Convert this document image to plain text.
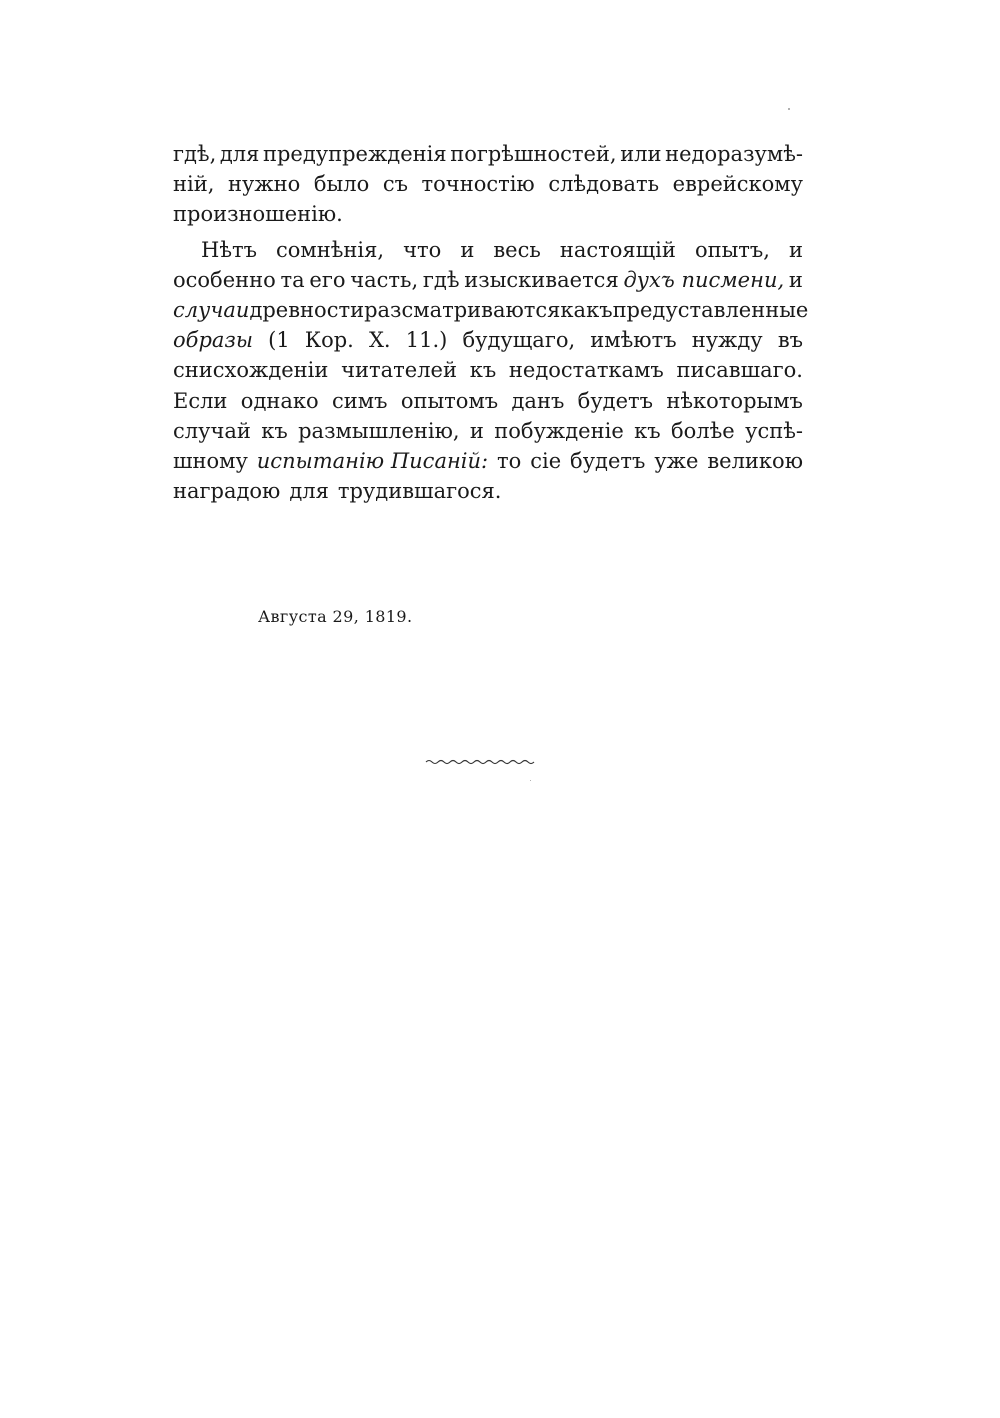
гдѣ, для предупрежденія погрѣшностей, или недоразумѣ-
ній, нужно было съ точностію слѣдовать еврейскому
произношенію.
Нѣтъ сомнѣнія, что и весь настоящій опытъ, и
особенно та его часть, гдѣ изыскивается духъ писмени, и
случаи древности разсматриваются какъ предуставленные
образы (1 Кор. X. 11.) будущаго, имѣютъ нужду въ
снисхожденіи читателей къ недостаткамъ писавшаго.
Если однако симъ опытомъ данъ будетъ нѣкоторымъ
случай къ размышленію, и побужденіе къ болѣе успѣ-
шному испытанію Писаній: то сіе будетъ уже великою
наградою для трудившагося.
Августа 29, 1819.
